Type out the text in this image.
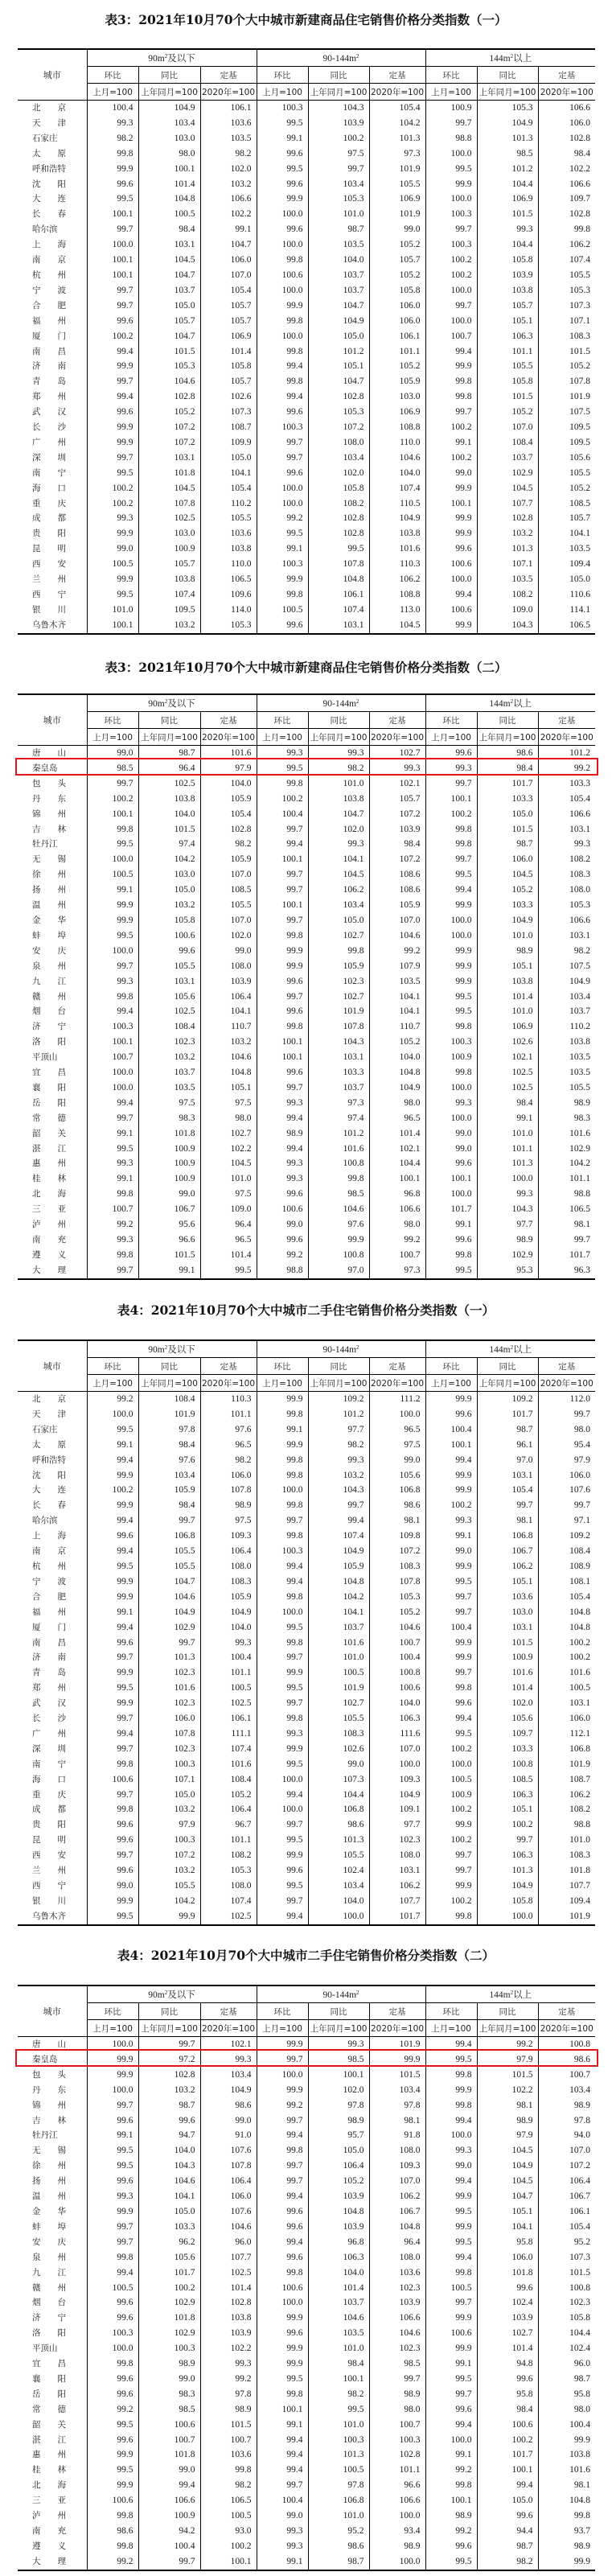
表3：2021年10月70个大中城市新建商品住宅销售价格分类指数（一）
城市	$90m^2$及以下			$90-144m^2$			$144m^2$以上		
	环比	同比	定基	环比	同比	定基	环比	同比	定基
	上月=100	上年同月=100	2020年=100	上月=100	上年同月=100	2020年=100	上月=100	上年同月=100	2020年=100
北　　京	100.4	104.9	106.1	100.3	104.3	105.4	100.9	105.3	106.6
天　　津	99.3	103.4	103.6	99.5	103.9	104.2	99.7	104.9	106.0
石家庄	98.2	103.0	103.5	99.1	100.2	101.3	98.8	101.3	102.8
太　　原	99.8	98.0	98.2	99.6	97.5	97.3	100.0	98.5	98.4
呼和浩特	99.9	100.1	102.0	99.5	99.7	101.9	99.5	101.2	102.2
沈　　阳	99.6	101.4	103.2	99.6	103.4	105.5	99.9	104.4	106.6
大　　连	99.5	104.8	106.6	99.9	105.3	106.9	100.0	106.9	109.7
长　　春	100.1	100.5	102.2	100.0	101.0	101.9	100.3	101.5	102.8
哈尔滨	99.7	98.4	99.1	99.6	98.7	99.0	99.7	99.3	99.8
上　　海	100.0	103.1	104.7	100.0	103.5	105.2	100.3	104.4	106.2
南　　京	100.1	104.5	106.0	99.8	104.0	105.7	100.2	105.8	107.4
杭　　州	100.1	104.7	107.0	100.6	103.7	105.2	100.2	103.9	105.5
宁　　波	99.7	103.7	105.4	100.0	103.7	105.8	100.0	103.8	105.3
合　　肥	99.7	105.0	105.7	99.9	104.7	106.0	99.7	105.7	107.3
福　　州	99.6	105.7	105.7	99.8	104.9	106.0	100.0	105.1	107.1
厦　　门	100.2	104.7	106.9	100.0	105.0	106.1	100.7	106.3	108.3
南　　昌	99.4	101.5	101.4	99.8	101.2	101.1	99.4	101.1	101.5
济　　南	99.9	105.3	105.8	99.4	105.1	105.2	99.9	105.5	105.2
青　　岛	99.7	104.6	105.7	99.8	104.7	105.9	99.8	105.8	107.8
郑　　州	99.4	102.8	102.6	99.4	102.8	103.0	99.8	101.5	101.9
武　　汉	99.6	105.2	107.3	99.6	105.3	106.9	99.7	105.2	107.5
长　　沙	99.9	107.2	108.7	100.3	107.2	108.8	100.2	107.0	109.5
广　　州	99.9	107.2	109.9	99.7	108.0	110.0	99.1	108.4	109.5
深　　圳	99.7	103.1	105.0	99.7	103.4	104.6	100.2	103.7	105.6
南　　宁	99.5	101.8	104.1	99.6	102.0	104.0	99.0	102.9	105.5
海　　口	100.2	104.5	105.4	100.0	105.8	107.4	99.9	104.5	105.2
重　　庆	100.2	107.8	110.2	100.0	108.2	110.5	100.1	107.7	108.5
成　　都	99.3	102.5	105.5	99.2	102.8	104.9	99.9	102.8	105.7
贵　　阳	99.9	103.0	103.6	99.5	102.8	103.8	99.9	103.2	104.1
昆　　明	99.0	100.9	103.8	99.1	99.5	101.6	99.6	101.3	103.5
西　　安	100.5	105.7	110.0	100.3	107.8	110.3	100.6	107.1	109.4
兰　　州	99.9	103.8	106.5	99.9	104.8	106.2	100.0	103.5	105.0
西　　宁	99.5	107.4	109.6	99.8	106.1	108.8	99.4	108.2	110.6
银　　川	101.0	109.5	114.0	100.5	107.4	113.0	100.6	109.0	114.1
乌鲁木齐	100.1	103.2	105.3	99.6	103.1	104.5	99.9	104.3	106.5
表3：2021年10月70个大中城市新建商品住宅销售价格分类指数（二）
城市	$90m^2$及以下			$90-144m^2$			$144m^2$以上		
	环比	同比	定基	环比	同比	定基	环比	同比	定基
	上月=100	上年同月=100	2020年=100	上月=100	上年同月=100	2020年=100	上月=100	上年同月=100	2020年=100
唐　　山	99.0	98.7	101.6	99.3	99.3	102.7	99.6	98.6	101.2
秦皇岛	98.5	96.4	97.9	99.5	98.2	99.3	99.3	98.4	99.2
包　　头	99.7	102.5	104.0	99.8	101.0	102.1	99.7	101.7	103.3
丹　　东	100.2	103.8	105.9	100.2	103.8	105.7	100.1	103.3	105.4
锦　　州	100.1	104.0	105.4	100.4	104.7	107.2	100.2	105.0	106.6
吉　　林	99.8	101.5	102.8	99.7	102.0	103.9	99.8	101.5	103.1
牡丹江	99.5	97.4	98.2	99.4	99.3	98.4	99.8	98.7	99.3
无　　锡	100.0	104.2	105.9	100.1	104.1	107.2	99.7	106.0	108.2
徐　　州	100.5	103.0	107.0	99.7	104.5	108.6	99.5	104.5	108.3
扬　　州	99.1	105.0	108.5	99.7	106.2	108.6	99.4	105.2	108.0
温　　州	99.9	103.2	105.5	100.1	103.4	105.9	99.9	103.3	105.3
金　　华	99.9	105.8	107.0	99.7	105.0	107.0	100.0	104.9	106.6
蚌　　埠	99.5	100.6	102.0	99.8	102.7	104.6	100.0	101.0	103.1
安　　庆	100.0	99.6	99.0	99.9	99.8	99.2	99.9	98.9	98.2
泉　　州	99.7	105.5	108.0	99.9	105.9	107.9	99.9	105.1	107.5
九　　江	99.3	103.1	103.9	99.6	102.3	103.5	99.9	103.8	104.9
赣　　州	99.8	105.6	106.4	99.7	102.7	104.1	99.5	101.4	103.4
烟　　台	99.4	102.5	104.1	99.6	101.9	104.1	99.5	101.0	103.7
济　　宁	100.3	108.4	110.7	99.8	107.8	110.7	99.8	106.9	110.2
洛　　阳	100.1	102.3	103.2	100.1	104.3	105.2	100.3	102.6	103.8
平顶山	100.7	103.2	104.6	100.1	103.1	104.0	100.9	102.1	103.5
宜　　昌	100.0	103.7	104.8	99.6	103.3	104.8	99.8	102.5	103.5
襄　　阳	100.0	103.5	105.1	99.7	103.7	104.9	100.0	102.5	105.5
岳　　阳	99.4	97.5	97.5	99.3	97.3	98.0	99.3	98.4	98.9
常　　德	99.7	98.3	98.0	99.4	97.4	96.5	100.0	99.1	98.3
韶　　关	99.1	101.8	102.7	98.9	101.2	101.4	99.0	101.0	101.6
湛　　江	99.5	100.9	102.2	99.4	101.6	102.1	99.0	101.1	102.9
惠　　州	99.3	100.9	104.5	99.3	100.8	104.4	99.6	101.3	104.2
桂　　林	99.1	100.9	101.0	99.3	99.8	100.1	100.1	100.0	101.1
北　　海	99.8	99.0	97.5	99.6	98.5	96.8	100.0	99.3	98.8
三　　亚	100.7	106.7	109.0	100.6	104.6	106.6	101.7	104.3	106.5
泸　　州	99.2	95.6	96.4	99.0	97.6	98.0	99.1	97.7	98.1
南　　充	99.3	96.6	96.5	99.6	99.9	99.2	99.6	98.9	99.7
遵　　义	99.8	101.5	101.4	99.2	100.8	100.7	99.8	102.9	101.7
大　　理	99.7	99.1	99.5	98.8	97.0	97.3	99.5	95.3	96.3
表4：2021年10月70个大中城市二手住宅销售价格分类指数（一）
城市	$90m^2$及以下			$90-144m^2$			$144m^2$以上		
	环比	同比	定基	环比	同比	定基	环比	同比	定基
	上月=100	上年同月=100	2020年=100	上月=100	上年同月=100	2020年=100	上月=100	上年同月=100	2020年=100
北　　京	99.2	108.4	110.3	99.9	109.2	111.2	99.9	109.2	112.0
天　　津	100.0	101.9	101.1	99.8	101.2	100.0	99.6	101.7	99.7
石家庄	99.5	97.8	97.6	99.1	97.7	96.5	100.4	98.7	98.0
太　　原	99.1	98.4	96.5	99.9	98.2	97.5	100.1	96.1	95.4
呼和浩特	99.4	97.6	98.2	99.8	99.3	99.0	99.4	97.0	97.9
沈　　阳	99.9	103.4	106.0	99.8	103.2	105.6	99.9	103.1	106.0
大　　连	100.2	105.9	107.8	100.0	104.3	106.8	99.9	105.4	107.6
长　　春	99.9	98.4	98.9	99.8	99.7	98.6	100.2	99.7	99.7
哈尔滨	99.4	99.7	97.5	99.7	99.4	98.1	99.3	98.1	97.1
上　　海	99.6	106.8	109.3	99.8	107.4	109.8	99.1	106.8	109.2
南　　京	99.4	105.5	106.4	100.3	104.9	107.2	99.0	106.7	108.4
杭　　州	99.5	105.5	108.0	99.4	105.9	108.3	99.9	106.2	108.9
宁　　波	99.9	104.7	108.3	99.4	104.8	107.8	99.5	105.1	108.1
合　　肥	99.9	104.6	105.9	99.8	104.2	105.3	99.7	103.6	105.4
福　　州	99.1	104.9	104.9	100.0	104.1	105.2	99.7	103.0	104.8
厦　　门	99.4	102.9	104.0	99.5	103.7	104.6	100.4	103.1	104.8
南　　昌	99.6	99.7	99.3	99.8	101.6	100.7	99.9	101.5	100.2
济　　南	99.7	101.3	100.4	99.7	101.0	100.4	99.9	100.9	100.2
青　　岛	99.9	102.3	101.1	99.9	100.5	100.8	99.7	101.6	101.6
郑　　州	99.5	101.6	100.5	99.5	101.9	100.6	99.8	101.4	100.5
武　　汉	99.9	102.3	102.5	99.7	102.7	104.0	99.6	102.0	103.1
长　　沙	99.7	106.0	106.1	99.8	105.5	106.3	99.4	105.6	106.0
广　　州	99.4	107.8	111.1	99.3	108.3	111.6	99.5	109.7	112.1
深　　圳	99.7	102.3	107.4	99.9	102.6	107.0	100.2	103.3	106.8
南　　宁	99.8	100.3	101.6	99.5	99.0	100.0	100.0	100.8	101.9
海　　口	100.6	107.1	108.4	100.0	107.3	109.3	100.5	108.5	108.7
重　　庆	99.7	105.0	105.2	99.4	104.4	104.9	100.9	106.3	106.2
成　　都	99.8	103.2	106.4	100.0	106.8	109.1	100.2	105.1	108.2
贵　　阳	99.6	97.9	96.7	99.7	98.6	97.7	99.9	100.2	98.8
昆　　明	99.6	100.3	101.1	99.5	101.3	102.3	100.2	99.7	101.0
西　　安	99.7	107.2	108.2	99.9	105.5	108.0	99.7	106.3	108.3
兰　　州	99.6	103.2	105.3	99.6	102.4	103.1	99.7	101.3	101.8
西　　宁	99.0	105.5	108.0	99.5	103.4	106.2	99.9	104.9	107.7
银　　川	99.9	104.2	107.4	99.7	104.0	107.7	100.2	105.8	109.4
乌鲁木齐	99.5	99.9	102.5	99.4	100.0	101.7	99.8	100.0	101.9
表4：2021年10月70个大中城市二手住宅销售价格分类指数（二）
城市	$90m^2$及以下			$90-144m^2$			$144m^2$以上		
	环比	同比	定基	环比	同比	定基	环比	同比	定基
	上月=100	上年同月=100	2020年=100	上月=100	上年同月=100	2020年=100	上月=100	上年同月=100	2020年=100
唐　　山	100.0	99.7	102.1	99.9	99.3	101.9	99.4	99.2	100.8
秦皇岛	99.9	97.2	99.3	99.7	98.5	99.9	99.5	97.9	98.6
包　　头	99.9	102.8	103.4	100.0	100.1	101.5	99.8	101.5	100.7
丹　　东	100.0	103.2	104.9	99.9	102.0	103.4	99.9	102.2	103.4
锦　　州	99.7	98.7	98.6	99.2	97.8	97.8	99.8	98.1	98.9
吉　　林	99.6	99.6	99.0	99.7	98.9	98.1	99.4	98.9	97.8
牡丹江	99.1	94.7	91.0	99.4	95.7	91.8	100.0	97.9	94.0
无　　锡	99.5	104.0	107.6	99.8	105.0	108.0	99.3	104.5	107.0
徐　　州	99.5	104.3	107.8	99.7	106.4	109.3	99.0	104.9	107.2
扬　　州	99.6	104.6	106.4	99.7	105.2	107.0	99.4	104.5	106.4
温　　州	99.3	104.1	106.0	99.4	103.9	106.2	99.9	104.7	106.7
金　　华	99.9	105.0	107.6	99.6	104.8	106.7	99.5	105.1	106.1
蚌　　埠	99.7	103.3	104.6	99.6	103.9	104.8	99.9	104.1	105.4
安　　庆	99.7	96.2	96.0	99.4	96.8	96.4	99.5	95.8	95.2
泉　　州	99.8	105.6	107.7	99.6	106.3	108.0	99.4	106.0	107.3
九　　江	99.4	101.7	102.5	99.8	104.0	103.6	99.8	101.8	101.5
赣　　州	100.5	100.2	101.4	100.6	101.4	102.3	100.5	99.6	100.8
烟　　台	99.6	102.9	102.8	100.0	103.7	103.9	99.7	102.4	102.3
济　　宁	99.6	101.8	103.8	99.9	104.6	106.6	99.9	103.9	105.8
洛　　阳	100.3	102.9	103.9	99.6	103.5	104.6	100.6	102.7	104.4
平顶山	100.0	100.3	102.2	99.9	101.0	102.3	99.9	101.4	102.4
宜　　昌	99.8	98.9	99.3	99.9	98.4	98.5	99.1	94.8	96.0
襄　　阳	99.6	99.0	99.2	99.5	100.1	99.7	99.5	99.6	98.7
岳　　阳	99.6	98.3	97.8	99.8	98.2	98.9	99.7	95.8	95.8
常　　德	99.2	98.5	98.9	100.1	99.5	98.0	99.6	98.4	98.0
韶　　关	99.5	100.6	101.5	99.1	101.0	100.7	99.4	100.6	100.4
湛　　江	99.6	100.7	100.7	99.4	100.3	100.3	100.0	100.2	99.9
惠　　州	99.9	101.8	103.6	99.4	101.3	102.8	99.1	101.7	103.8
桂　　林	99.5	99.0	99.8	99.4	100.5	101.1	99.2	100.1	101.6
北　　海	99.9	99.4	98.2	99.7	97.8	96.6	99.8	99.4	98.1
三　　亚	100.6	106.6	106.5	100.4	106.8	106.6	100.1	105.0	104.8
泸　　州	99.8	100.9	100.5	99.0	101.0	100.0	98.9	99.6	99.8
南　　充	98.6	94.2	93.0	99.3	95.2	93.4	99.2	94.4	93.7
遵　　义	99.8	100.4	100.2	99.3	98.6	98.9	99.6	98.7	98.9
大　　理	99.2	99.7	100.1	99.1	98.7	100.0	99.5	98.2	99.9
